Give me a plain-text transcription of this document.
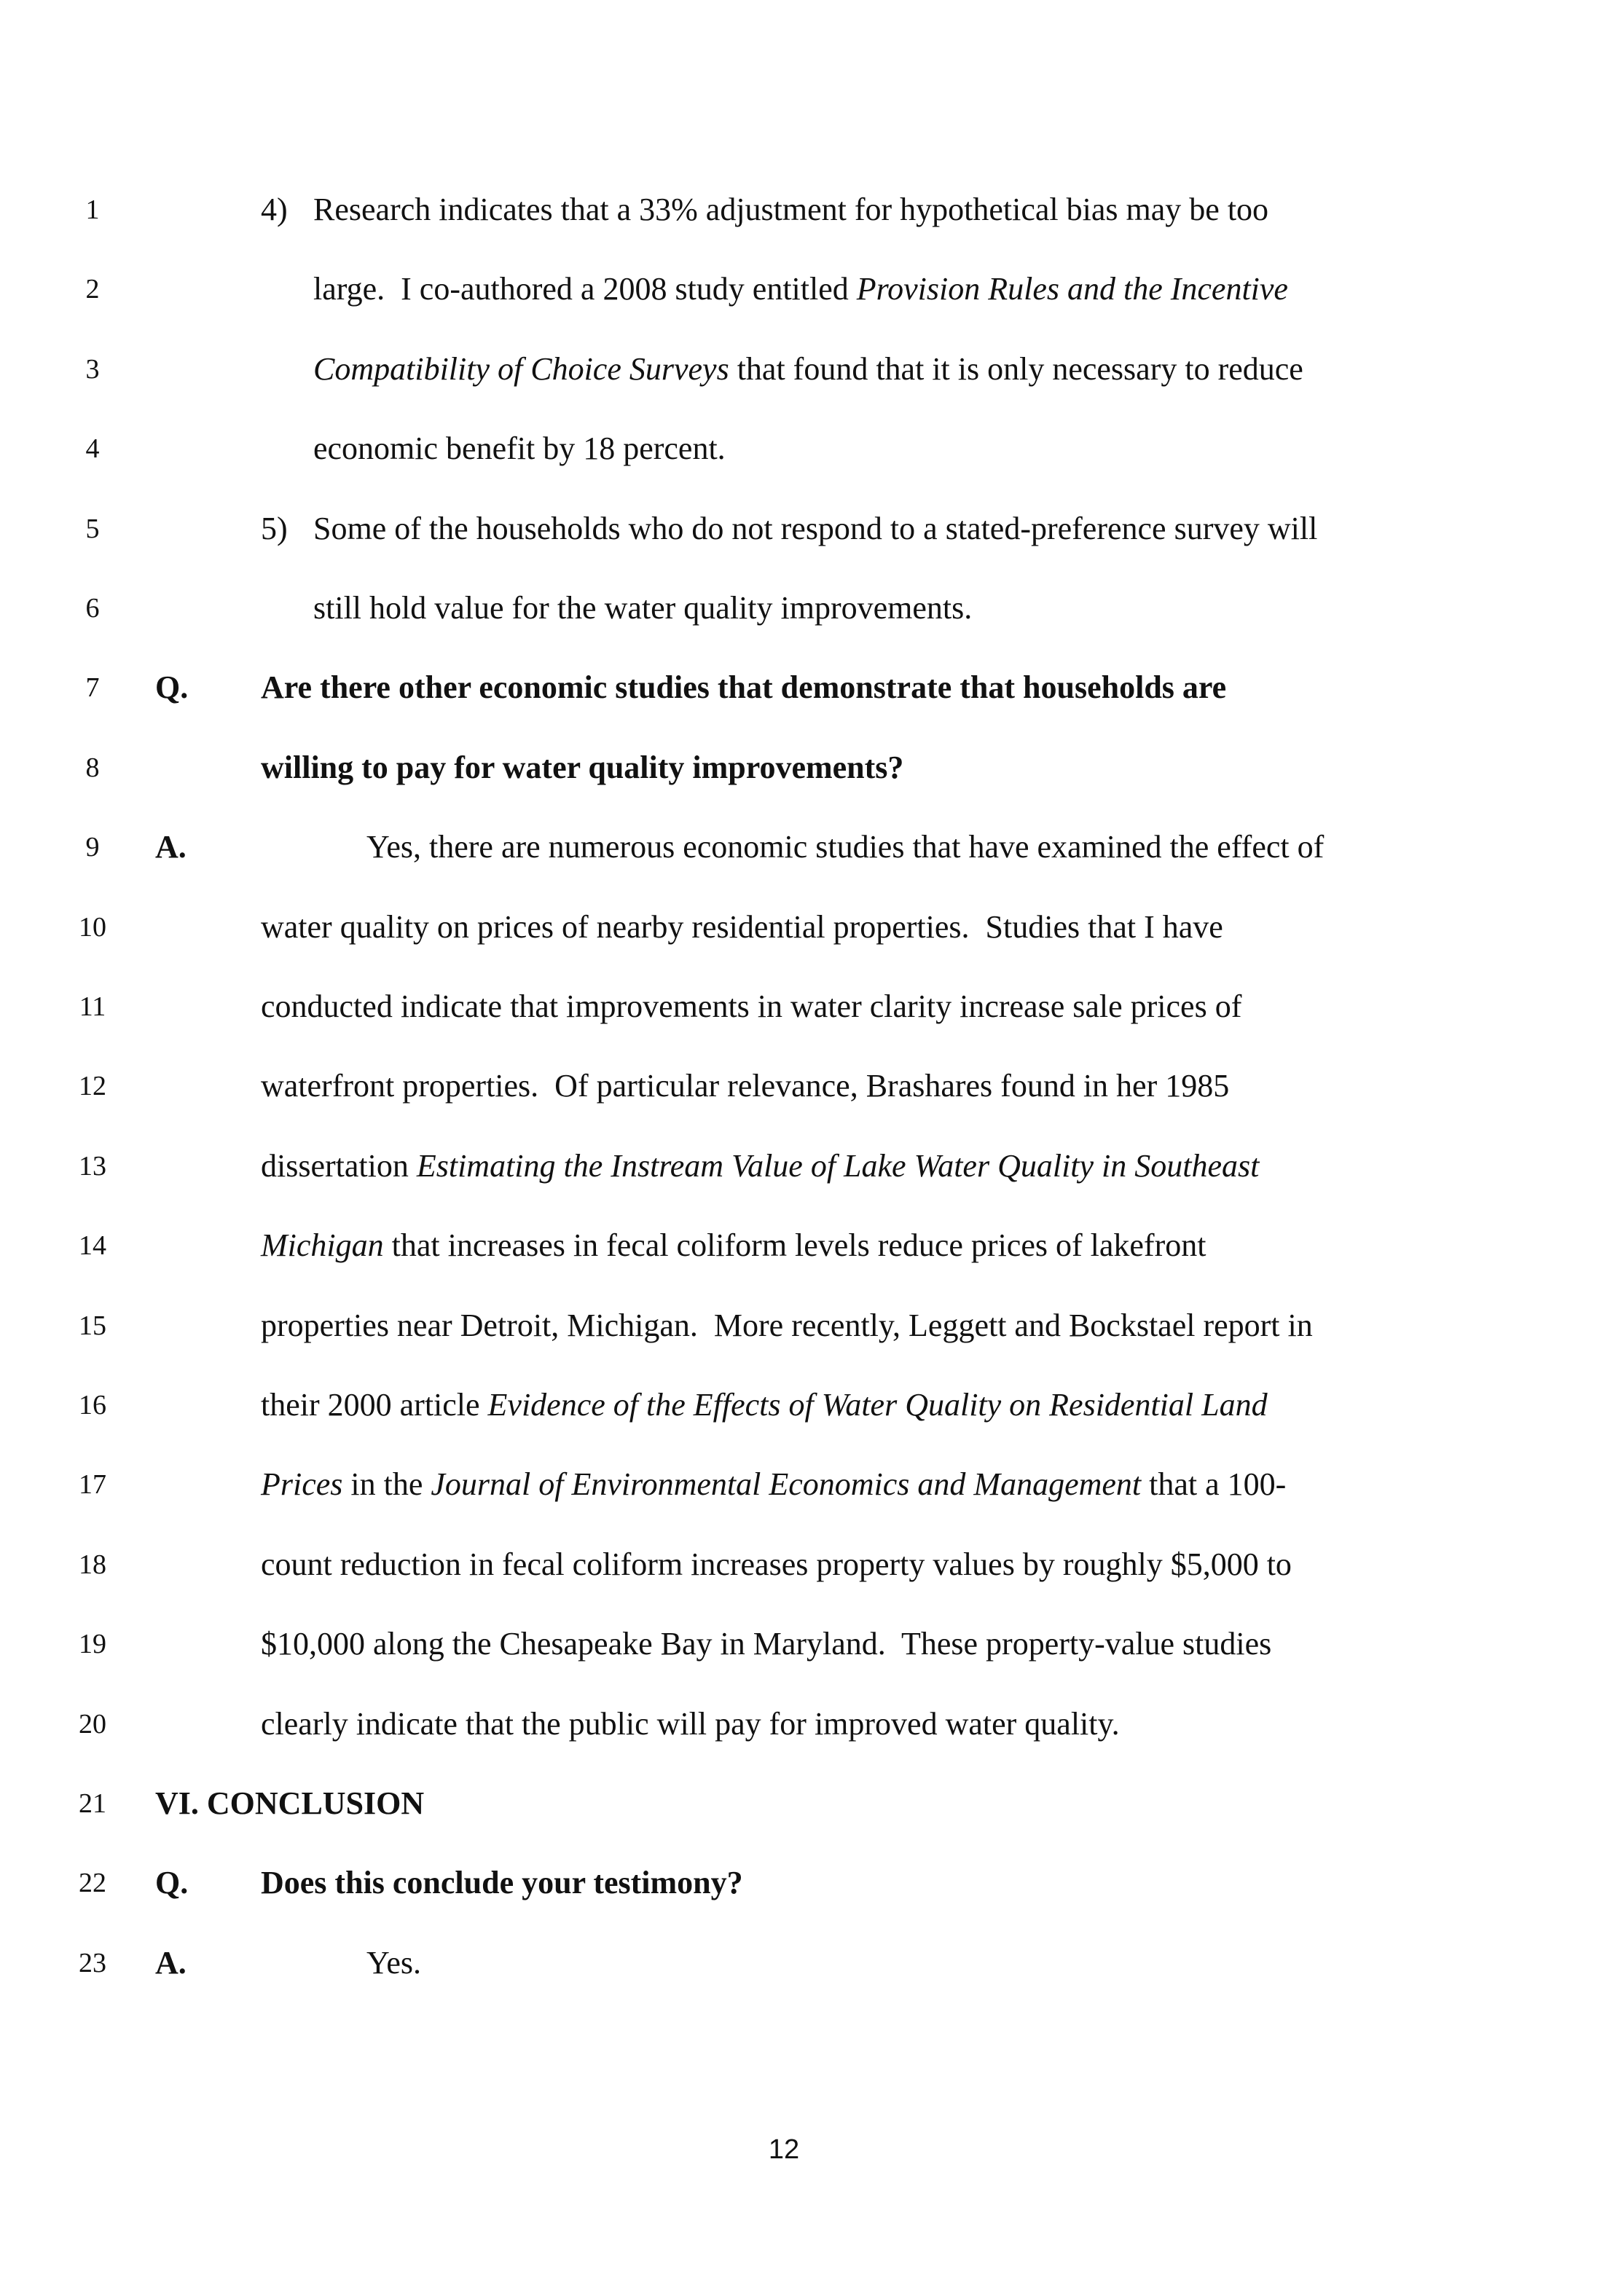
1	4) Research indicates that a 33% adjustment for hypothetical bias may be too
2	large.  I co-authored a 2008 study entitled Provision Rules and the Incentive
3	Compatibility of Choice Surveys that found that it is only necessary to reduce
4	economic benefit by 18 percent.
5	5) Some of the households who do not respond to a stated-preference survey will
6	still hold value for the water quality improvements.
7	Q. Are there other economic studies that demonstrate that households are
8	willing to pay for water quality improvements?
9	A.	Yes, there are numerous economic studies that have examined the effect of
10	water quality on prices of nearby residential properties.  Studies that I have
11	conducted indicate that improvements in water clarity increase sale prices of
12	waterfront properties.  Of particular relevance, Brashares found in her 1985
13	dissertation Estimating the Instream Value of Lake Water Quality in Southeast
14	Michigan that increases in fecal coliform levels reduce prices of lakefront
15	properties near Detroit, Michigan.  More recently, Leggett and Bockstael report in
16	their 2000 article Evidence of the Effects of Water Quality on Residential Land
17	Prices in the Journal of Environmental Economics and Management that a 100-
18	count reduction in fecal coliform increases property values by roughly $5,000 to
19	$10,000 along the Chesapeake Bay in Maryland.  These property-value studies
20	clearly indicate that the public will pay for improved water quality.
21 VI. CONCLUSION
22 Q. Does this conclude your testimony?
23 A.	Yes.
12
